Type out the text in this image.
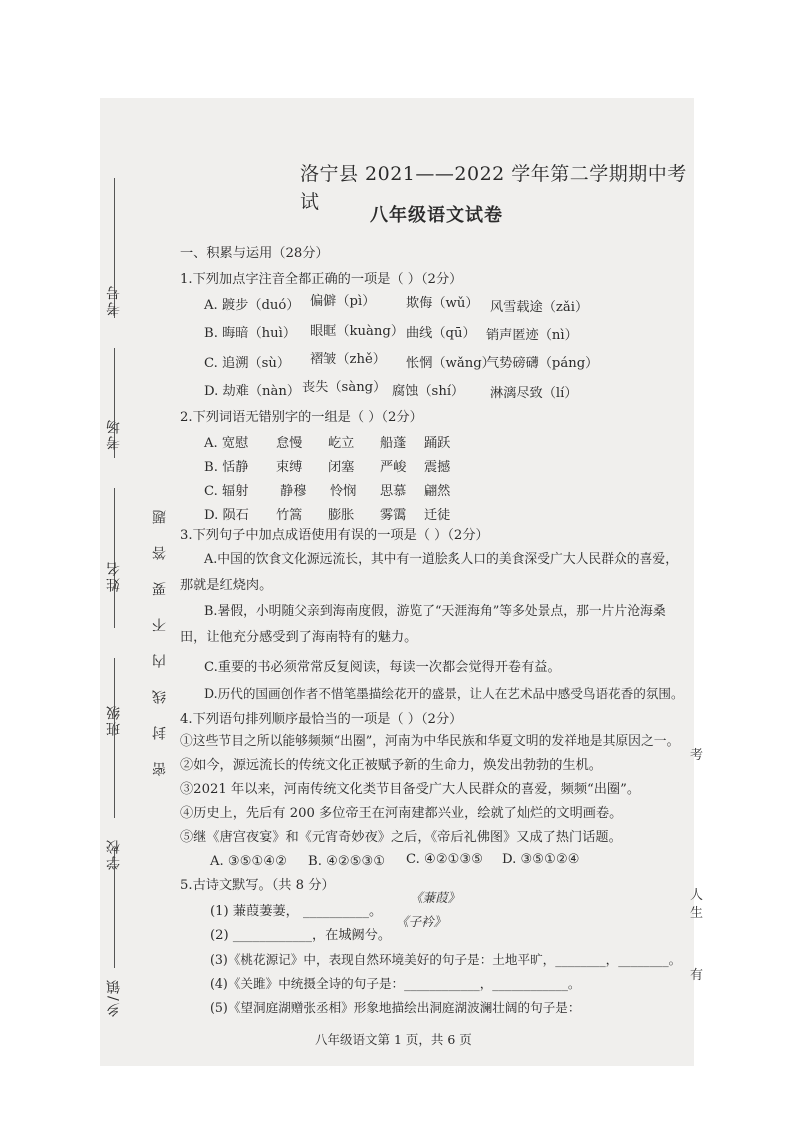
考号
考场
姓名
班级
学校
乡/镇
密封线内不要答题
洛宁县 2021——2022 学年第二学期期中考试
八年级语文试卷
一、积累与运用（28分）
1.下列加点字注音全都正确的一项是（ ）（2分）
A. 踱步（duó） 偏僻（pì） 欺侮（wǔ） 风雪载途（zǎi）
B. 晦暗（huì） 眼眶（kuàng） 曲线（qū） 销声匿迹（nì）
C. 追溯（sù） 褶皱（zhě） 怅惘（wǎng）
气势磅礴（páng）
D. 劫难（nàn） 丧失（sàng） 腐蚀（shí） 淋漓尽致（lí）
2.下列词语无错别字的一组是（ ）（2分）
A. 宽慰 怠慢 屹立 船蓬 踊跃
B. 恬静 束缚 闭塞 严峻 震撼
C. 辐射 静穆 怜悯 思慕 翩然
D. 陨石 竹篙 膨胀 雾霭 迁徒
3.下列句子中加点成语使用有误的一项是（ ）（2分）
A.中国的饮食文化源远流长，其中有一道脍炙人口的美食深受广大人民群众的喜爱，
那就是红烧肉。
B.暑假，小明随父亲到海南度假，游览了“天涯海角”等多处景点，那一片片沧海桑
田，让他充分感受到了海南特有的魅力。
C.重要的书必须常常反复阅读，每读一次都会觉得开卷有益。
D.历代的国画创作者不惜笔墨描绘花开的盛景，让人在艺术品中感受鸟语花香的氛围。
4.下列语句排列顺序最恰当的一项是（ ）（2分）
①这些节目之所以能够频频“出圈”，河南为中华民族和华夏文明的发祥地是其原因之一。
②如今，源远流长的传统文化正被赋予新的生命力，焕发出勃勃的生机。
③2021 年以来，河南传统文化类节目备受广大人民群众的喜爱，频频“出圈”。
④历史上，先后有 200 多位帝王在河南建都兴业，绘就了灿烂的文明画卷。
⑤继《唐宫夜宴》和《元宵奇妙夜》之后，《帝后礼佛图》又成了热门话题。
A. ③⑤①④② B. ④②⑤③① C. ④②①③⑤ D. ③⑤①②④
5.古诗文默写。（共 8 分）
《蒹葭》
(1) 蒹葭萋萋， __________。
《子衿》
(2) ____________，在城阙兮。
(3)《桃花源记》中，表现自然环境美好的句子是：土地平旷，________，________。
(4)《关雎》中统摄全诗的句子是：____________，____________。
(5)《望洞庭湖赠张丞相》形象地描绘出洞庭湖波澜壮阔的句子是：
八年级语文第 1 页，共 6 页
考
人
生
有
